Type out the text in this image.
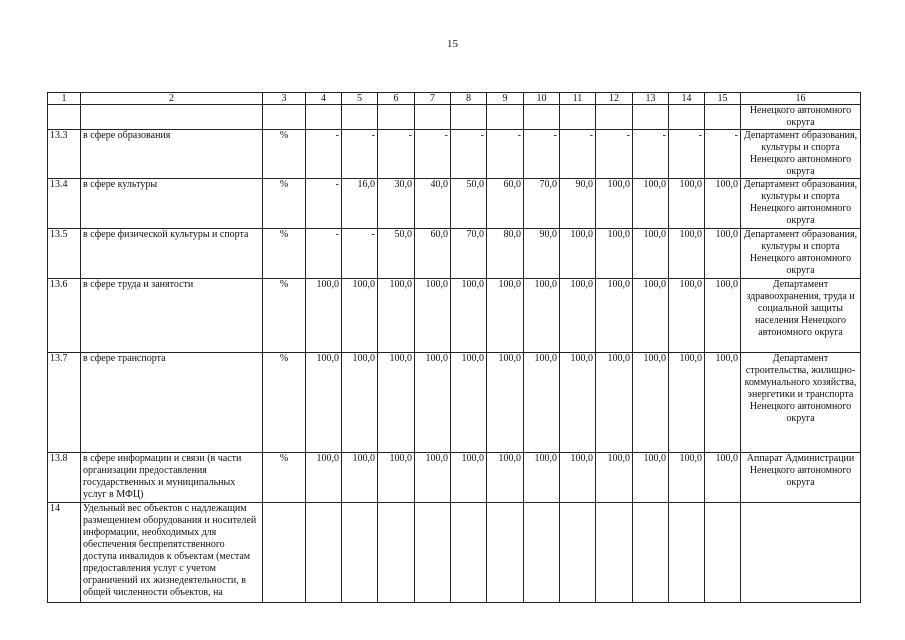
15
1	2	3	4	5	6	7	8	9	10	11	12	13	14	15	16
															Ненецкого автономного округа
13.3	в сфере образования	%	-	-	-	-	-	-	-	-	-	-	-	-	Департамент образования, культуры и спорта Ненецкого автономного округа
13.4	в сфере культуры	%	-	16,0	30,0	40,0	50,0	60,0	70,0	90,0	100,0	100,0	100,0	100,0	Департамент образования, культуры и спорта Ненецкого автономного округа
13.5	в сфере физической культуры и спорта	%	-	-	50,0	60,0	70,0	80,0	90,0	100,0	100,0	100,0	100,0	100,0	Департамент образования, культуры и спорта Ненецкого автономного округа
13.6	в сфере труда и занятости	%	100,0	100,0	100,0	100,0	100,0	100,0	100,0	100,0	100,0	100,0	100,0	100,0	Департамент здравоохранения, труда и социальной защиты населения Ненецкого автономного округа
13.7	в сфере транспорта	%	100,0	100,0	100,0	100,0	100,0	100,0	100,0	100,0	100,0	100,0	100,0	100,0	Департамент строительства, жилищно-коммунального хозяйства, энергетики и транспорта Ненецкого автономного округа
13.8	в сфере информации и связи (в части организации предоставления государственных и муниципальных услуг в МФЦ)	%	100,0	100,0	100,0	100,0	100,0	100,0	100,0	100,0	100,0	100,0	100,0	100,0	Аппарат Администрации Ненецкого автономного округа
14	Удельный вес объектов с надлежащим размещением оборудования и носителей информации, необходимых для обеспечения беспрепятственного доступа инвалидов к объектам (местам предоставления услуг с учетом ограничений их жизнедеятельности, в общей численности объектов, на														
